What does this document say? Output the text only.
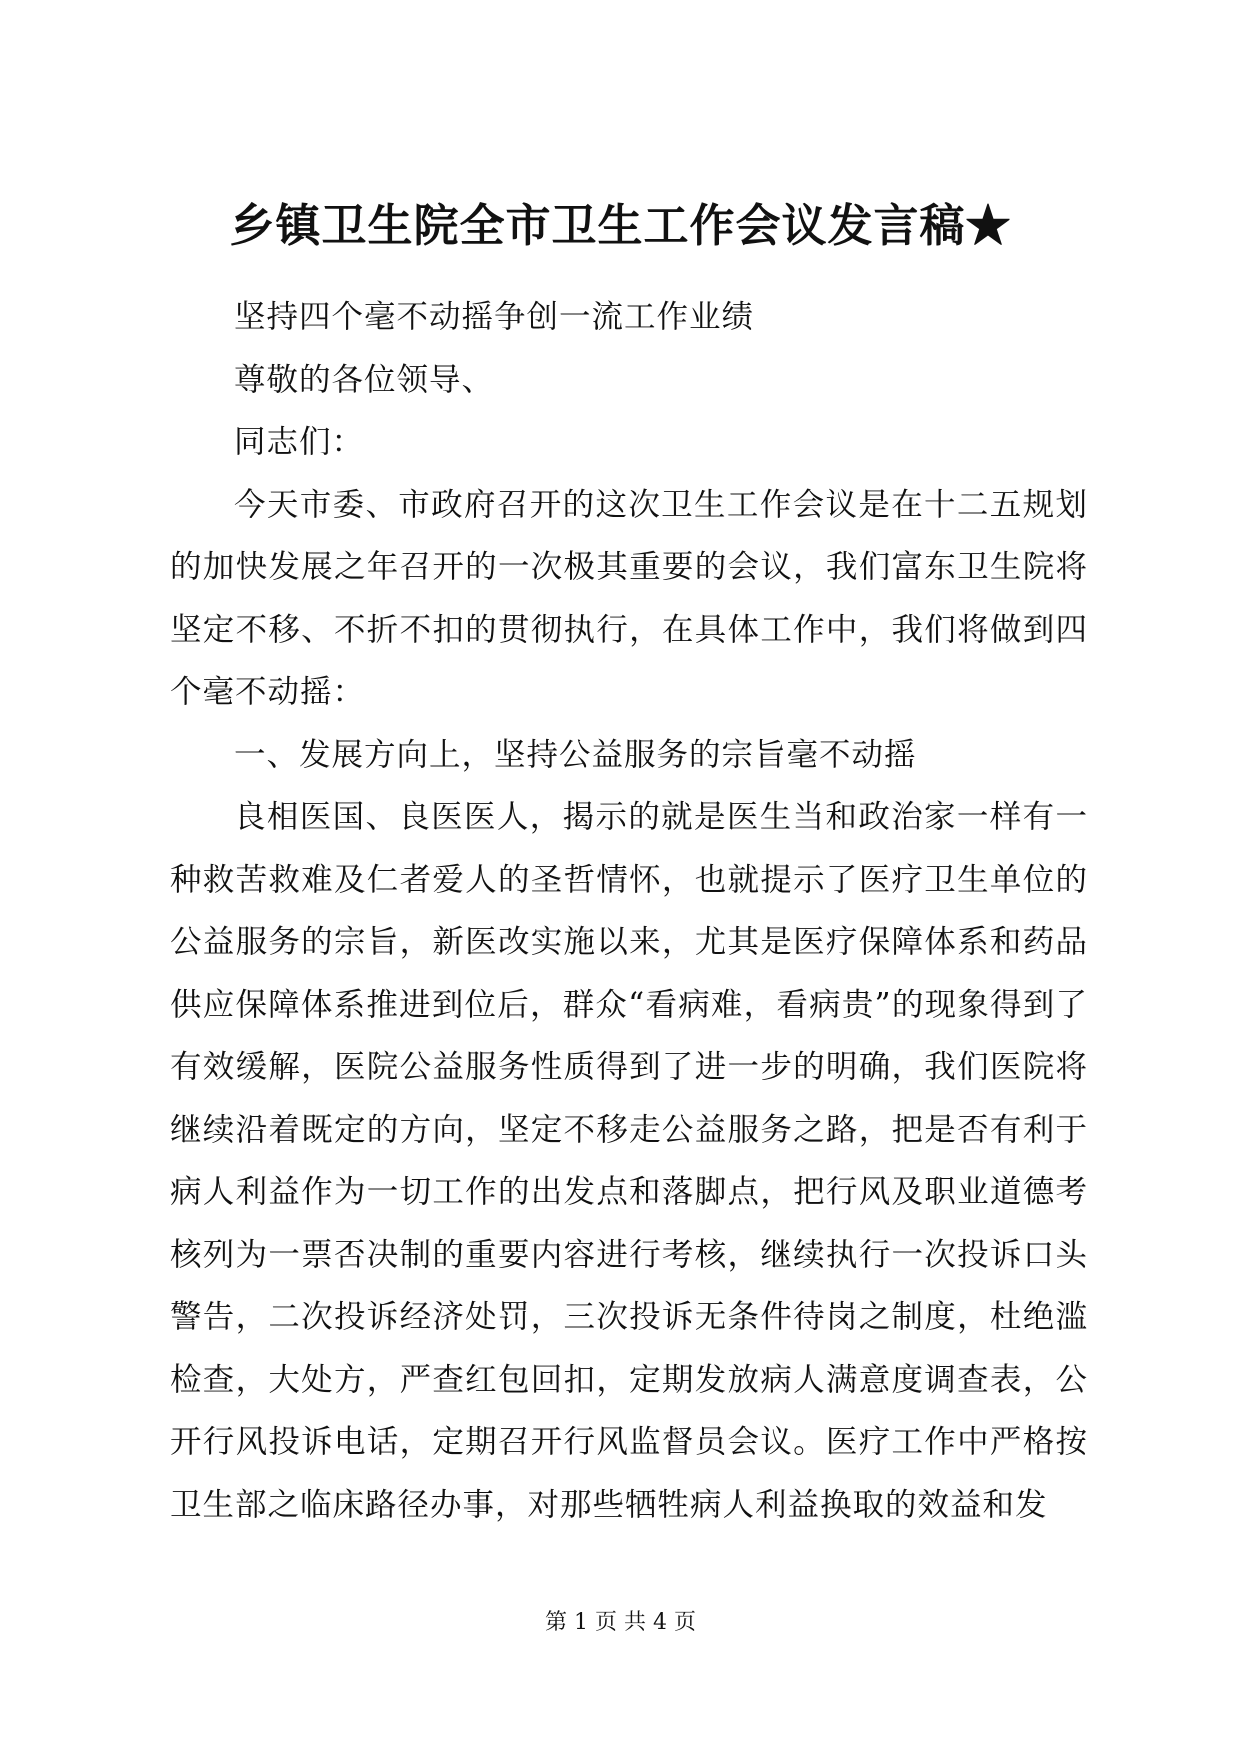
乡镇卫生院全市卫生工作会议发言稿★

坚持四个毫不动摇争创一流工作业绩

尊敬的各位领导、

同志们：

今天市委、市政府召开的这次卫生工作会议是在十二五规划的加快发展之年召开的一次极其重要的会议，我们富东卫生院将坚定不移、不折不扣的贯彻执行，在具体工作中，我们将做到四个毫不动摇：

一、发展方向上，坚持公益服务的宗旨毫不动摇

良相医国、良医医人，揭示的就是医生当和政治家一样有一种救苦救难及仁者爱人的圣哲情怀，也就提示了医疗卫生单位的公益服务的宗旨，新医改实施以来，尤其是医疗保障体系和药品供应保障体系推进到位后，群众“看病难，看病贵”的现象得到了有效缓解，医院公益服务性质得到了进一步的明确，我们医院将继续沿着既定的方向，坚定不移走公益服务之路，把是否有利于病人利益作为一切工作的出发点和落脚点，把行风及职业道德考核列为一票否决制的重要内容进行考核，继续执行一次投诉口头警告，二次投诉经济处罚，三次投诉无条件待岗之制度，杜绝滥检查，大处方，严查红包回扣，定期发放病人满意度调查表，公开行风投诉电话，定期召开行风监督员会议。医疗工作中严格按卫生部之临床路径办事，对那些牺牲病人利益换取的效益和发

第 1 页 共 4 页
